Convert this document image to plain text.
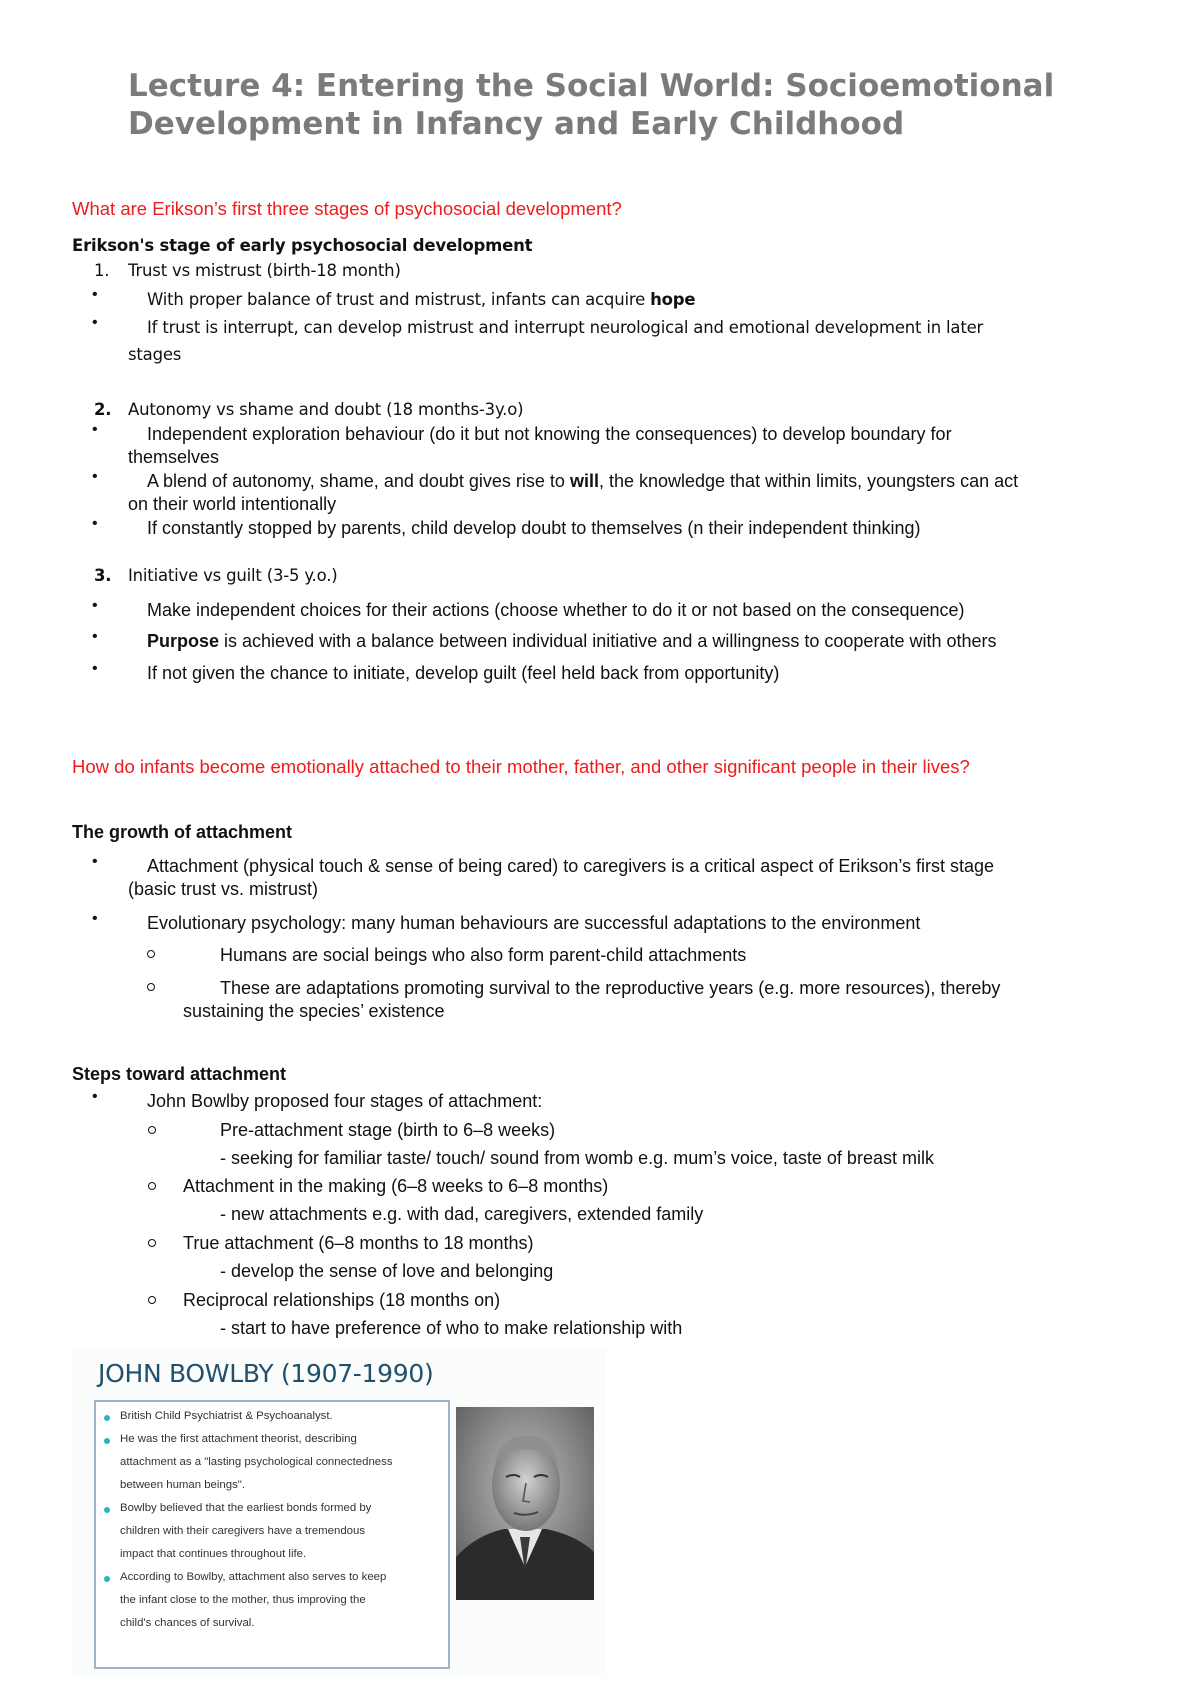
Lecture 4: Entering the Social World: Socioemotional
Development in Infancy and Early Childhood
What are Erikson’s first three stages of psychosocial development?
Erikson's stage of early psychosocial development
1. Trust vs mistrust (birth-18 month)
•	With proper balance of trust and mistrust, infants can acquire hope
•	If trust is interrupt, can develop mistrust and interrupt neurological and emotional development in later
stages
2. Autonomy vs shame and doubt (18 months-3y.o)
•	Independent exploration behaviour (do it but not knowing the consequences) to develop boundary for
themselves
•	A blend of autonomy, shame, and doubt gives rise to will, the knowledge that within limits, youngsters can act
on their world intentionally
•	If constantly stopped by parents, child develop doubt to themselves (n their independent thinking)
3. Initiative vs guilt (3-5 y.o.)
•	Make independent choices for their actions (choose whether to do it or not based on the consequence)
•	Purpose is achieved with a balance between individual initiative and a willingness to cooperate with others
•	If not given the chance to initiate, develop guilt (feel held back from opportunity)
How do infants become emotionally attached to their mother, father, and other significant people in their lives?
The growth of attachment
•	Attachment (physical touch & sense of being cared) to caregivers is a critical aspect of Erikson’s first stage
(basic trust vs. mistrust)
•	Evolutionary psychology: many human behaviours are successful adaptations to the environment
Humans are social beings who also form parent-child attachments
These are adaptations promoting survival to the reproductive years (e.g. more resources), thereby
sustaining the species’ existence
Steps toward attachment
•	John Bowlby proposed four stages of attachment:
Pre-attachment stage (birth to 6–8 weeks)
- seeking for familiar taste/ touch/ sound from womb e.g. mum’s voice, taste of breast milk
Attachment in the making (6–8 weeks to 6–8 months)
- new attachments e.g. with dad, caregivers, extended family
True attachment (6–8 months to 18 months)
- develop the sense of love and belonging
Reciprocal relationships (18 months on)
- start to have preference of who to make relationship with
JOHN BOWLBY (1907-1990)
British Child Psychiatrist & Psychoanalyst.
He was the first attachment theorist, describing
attachment as a "lasting psychological connectedness
between human beings".
Bowlby believed that the earliest bonds formed by
children with their caregivers have a tremendous
impact that continues throughout life.
According to Bowlby, attachment also serves to keep
the infant close to the mother, thus improving the
child's chances of survival.
